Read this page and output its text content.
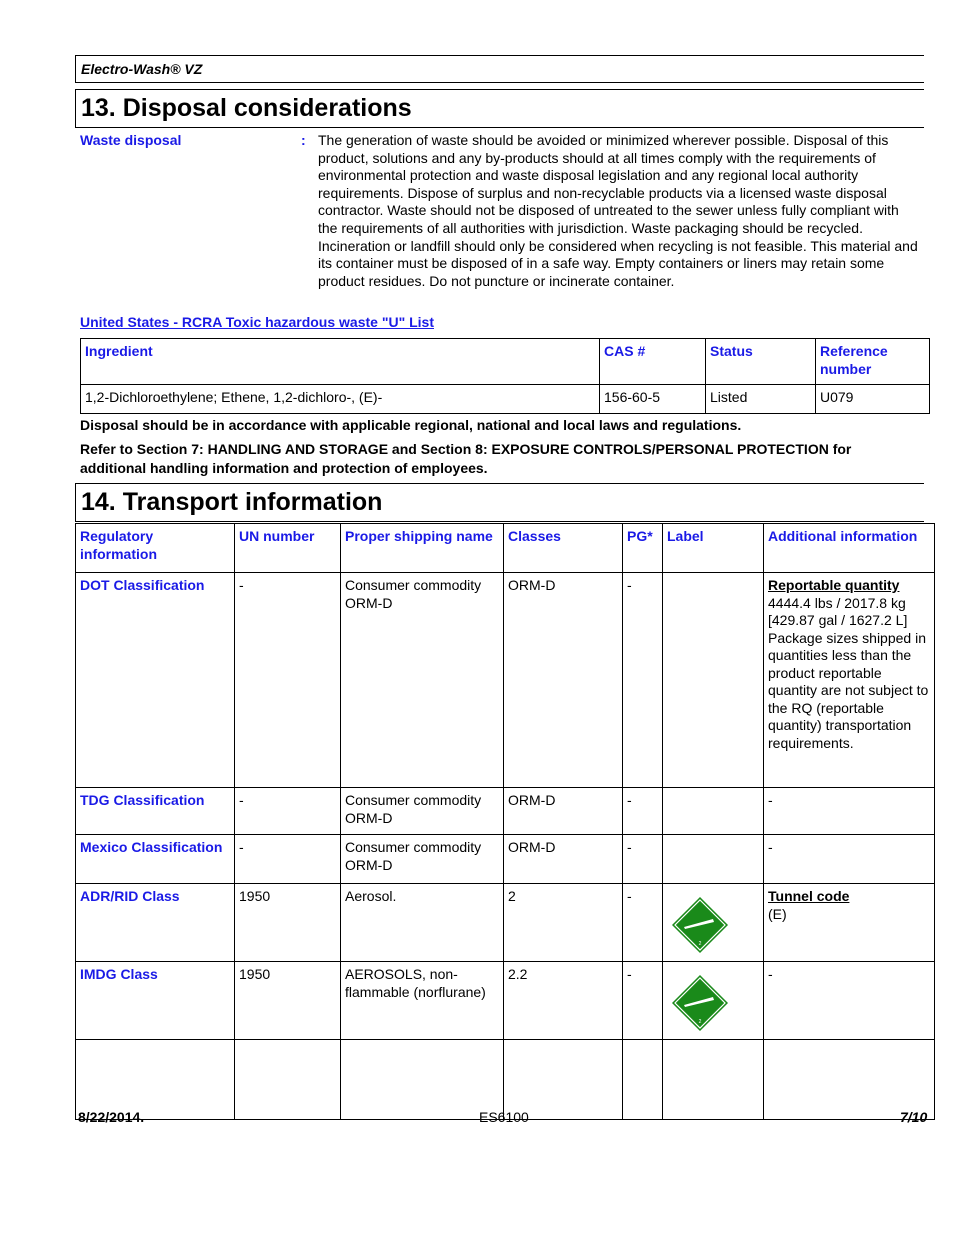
Electro-Wash® VZ
13. Disposal considerations
Waste disposal	: The generation of waste should be avoided or minimized wherever possible. Disposal of this product, solutions and any by-products should at all times comply with the requirements of environmental protection and waste disposal legislation and any regional local authority requirements. Dispose of surplus and non-recyclable products via a licensed waste disposal contractor. Waste should not be disposed of untreated to the sewer unless fully compliant with the requirements of all authorities with jurisdiction. Waste packaging should be recycled. Incineration or landfill should only be considered when recycling is not feasible. This material and its container must be disposed of in a safe way. Empty containers or liners may retain some product residues. Do not puncture or incinerate container.
United States - RCRA Toxic hazardous waste "U" List
Ingredient	CAS #	Status	Reference number
1,2-Dichloroethylene; Ethene, 1,2-dichloro-, (E)-	156-60-5	Listed	U079
Disposal should be in accordance with applicable regional, national and local laws and regulations.
Refer to Section 7: HANDLING AND STORAGE and Section 8: EXPOSURE CONTROLS/PERSONAL PROTECTION for additional handling information and protection of employees.
14. Transport information
Regulatory information	UN number	Proper shipping name	Classes	PG*	Label	Additional information
DOT Classification	-	Consumer commodity ORM-D	ORM-D	-		Reportable quantity
4444.4 lbs / 2017.8 kg [429.87 gal / 1627.2 L] Package sizes shipped in quantities less than the product reportable quantity are not subject to the RQ (reportable quantity) transportation requirements.

TDG Classification	-	Consumer commodity ORM-D	ORM-D	-		-
Mexico Classification	-	Consumer commodity ORM-D	ORM-D	-		-
ADR/RID Class	1950	Aerosol.	2	-	2	Tunnel code
(E)

IMDG Class	1950	AEROSOLS, non-flammable (norflurane)	2.2	-	2	-

8/22/2014.	ES6100	7/10
